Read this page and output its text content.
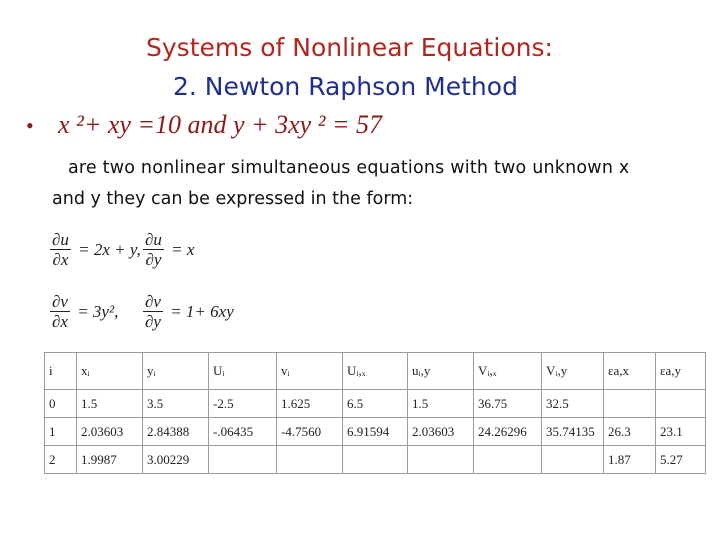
Systems of Nonlinear Equations:
2. Newton Raphson Method
• x ²+ xy =10 and y + 3xy ² = 57
are two nonlinear simultaneous equations with two unknown x
and y they can be expressed in the form:
$\frac{\partial u}{\partial x} = 2x + y$, $\frac{\partial u}{\partial y} = x$
$\frac{\partial v}{\partial x} = 3y^2$, $\frac{\partial v}{\partial y} = 1+ 6xy$
i	xᵢ	yᵢ	Uᵢ	vᵢ	Uᵢ,ₓ	uᵢ,y	Vᵢ,ₓ	Vᵢ,y	εa,x	εa,y
0	1.5	3.5	-2.5	1.625	6.5	1.5	36.75	32.5		
1	2.03603	2.84388	-.06435	-4.7560	6.91594	2.03603	24.26296	35.74135	26.3	23.1
2	1.9987	3.00229							1.87	5.27
